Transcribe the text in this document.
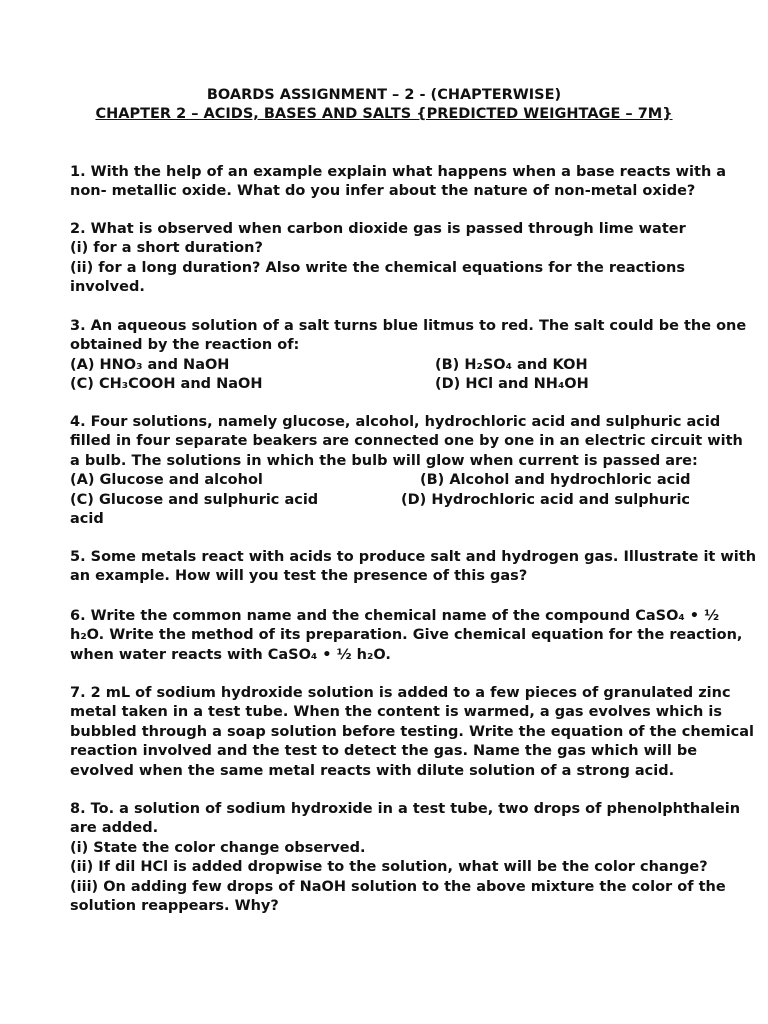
BOARDS ASSIGNMENT – 2 - (CHAPTERWISE)
CHAPTER 2 – ACIDS, BASES AND SALTS {PREDICTED WEIGHTAGE – 7M}
1. With the help of an example explain what happens when a base reacts with a
non- metallic oxide. What do you infer about the nature of non-metal oxide?
2. What is observed when carbon dioxide gas is passed through lime water
(i) for a short duration?
(ii) for a long duration? Also write the chemical equations for the reactions
involved.
3. An aqueous solution of a salt turns blue litmus to red. The salt could be the one
obtained by the reaction of:
(A) HNO₃ and NaOH	(B) H₂SO₄ and KOH
(C) CH₃COOH and NaOH	(D) HCl and NH₄OH
4. Four solutions, namely glucose, alcohol, hydrochloric acid and sulphuric acid
filled in four separate beakers are connected one by one in an electric circuit with
a bulb. The solutions in which the bulb will glow when current is passed are:
(A) Glucose and alcohol	(B) Alcohol and hydrochloric acid
(C) Glucose and sulphuric acid	(D) Hydrochloric acid and sulphuric
acid
5. Some metals react with acids to produce salt and hydrogen gas. Illustrate it with
an example. How will you test the presence of this gas?
6. Write the common name and the chemical name of the compound CaSO₄ • ½
h₂O. Write the method of its preparation. Give chemical equation for the reaction,
when water reacts with CaSO₄ • ½ h₂O.
7. 2 mL of sodium hydroxide solution is added to a few pieces of granulated zinc
metal taken in a test tube. When the content is warmed, a gas evolves which is
bubbled through a soap solution before testing. Write the equation of the chemical
reaction involved and the test to detect the gas. Name the gas which will be
evolved when the same metal reacts with dilute solution of a strong acid.
8. To. a solution of sodium hydroxide in a test tube, two drops of phenolphthalein
are added.
(i) State the color change observed.
(ii) If dil HCl is added dropwise to the solution, what will be the color change?
(iii) On adding few drops of NaOH solution to the above mixture the color of the
solution reappears. Why?
